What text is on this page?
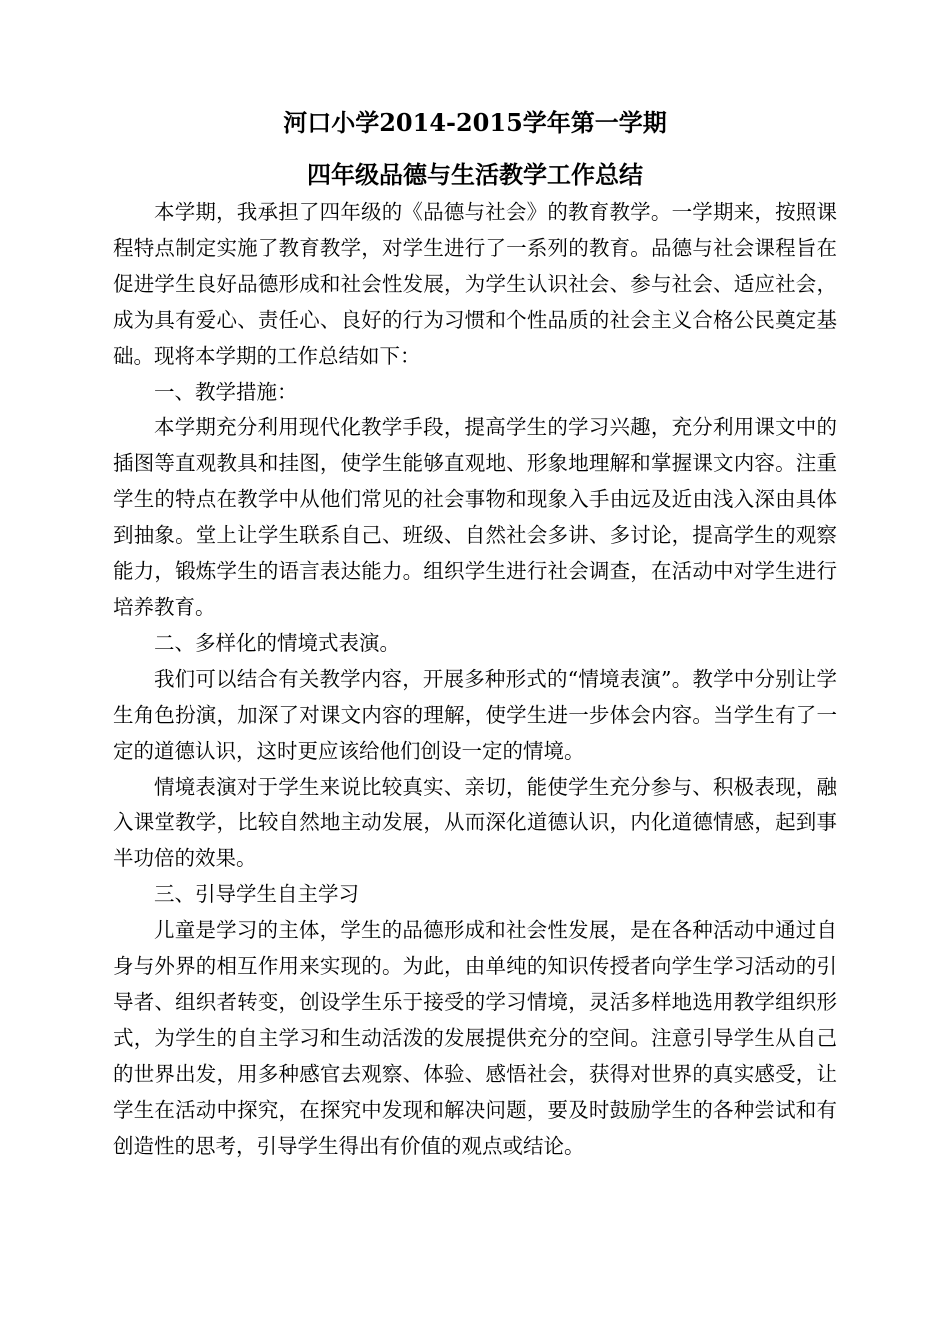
河口小学2014-2015学年第一学期
四年级品德与生活教学工作总结

本学期，我承担了四年级的《品德与社会》的教育教学。一学期来，按照课程特点制定实施了教育教学，对学生进行了一系列的教育。品德与社会课程旨在促进学生良好品德形成和社会性发展，为学生认识社会、参与社会、适应社会，成为具有爱心、责任心、良好的行为习惯和个性品质的社会主义合格公民奠定基础。现将本学期的工作总结如下：

一、教学措施：

本学期充分利用现代化教学手段，提高学生的学习兴趣，充分利用课文中的插图等直观教具和挂图，使学生能够直观地、形象地理解和掌握课文内容。注重学生的特点在教学中从他们常见的社会事物和现象入手由远及近由浅入深由具体到抽象。堂上让学生联系自己、班级、自然社会多讲、多讨论，提高学生的观察能力，锻炼学生的语言表达能力。组织学生进行社会调查，在活动中对学生进行培养教育。

二、多样化的情境式表演。

我们可以结合有关教学内容，开展多种形式的“情境表演”。教学中分别让学生角色扮演，加深了对课文内容的理解，使学生进一步体会内容。当学生有了一定的道德认识，这时更应该给他们创设一定的情境。

情境表演对于学生来说比较真实、亲切，能使学生充分参与、积极表现，融入课堂教学，比较自然地主动发展，从而深化道德认识，内化道德情感，起到事半功倍的效果。

三、引导学生自主学习

儿童是学习的主体，学生的品德形成和社会性发展，是在各种活动中通过自身与外界的相互作用来实现的。为此，由单纯的知识传授者向学生学习活动的引导者、组织者转变，创设学生乐于接受的学习情境，灵活多样地选用教学组织形式，为学生的自主学习和生动活泼的发展提供充分的空间。注意引导学生从自己的世界出发，用多种感官去观察、体验、感悟社会，获得对世界的真实感受，让学生在活动中探究，在探究中发现和解决问题，要及时鼓励学生的各种尝试和有创造性的思考，引导学生得出有价值的观点或结论。
